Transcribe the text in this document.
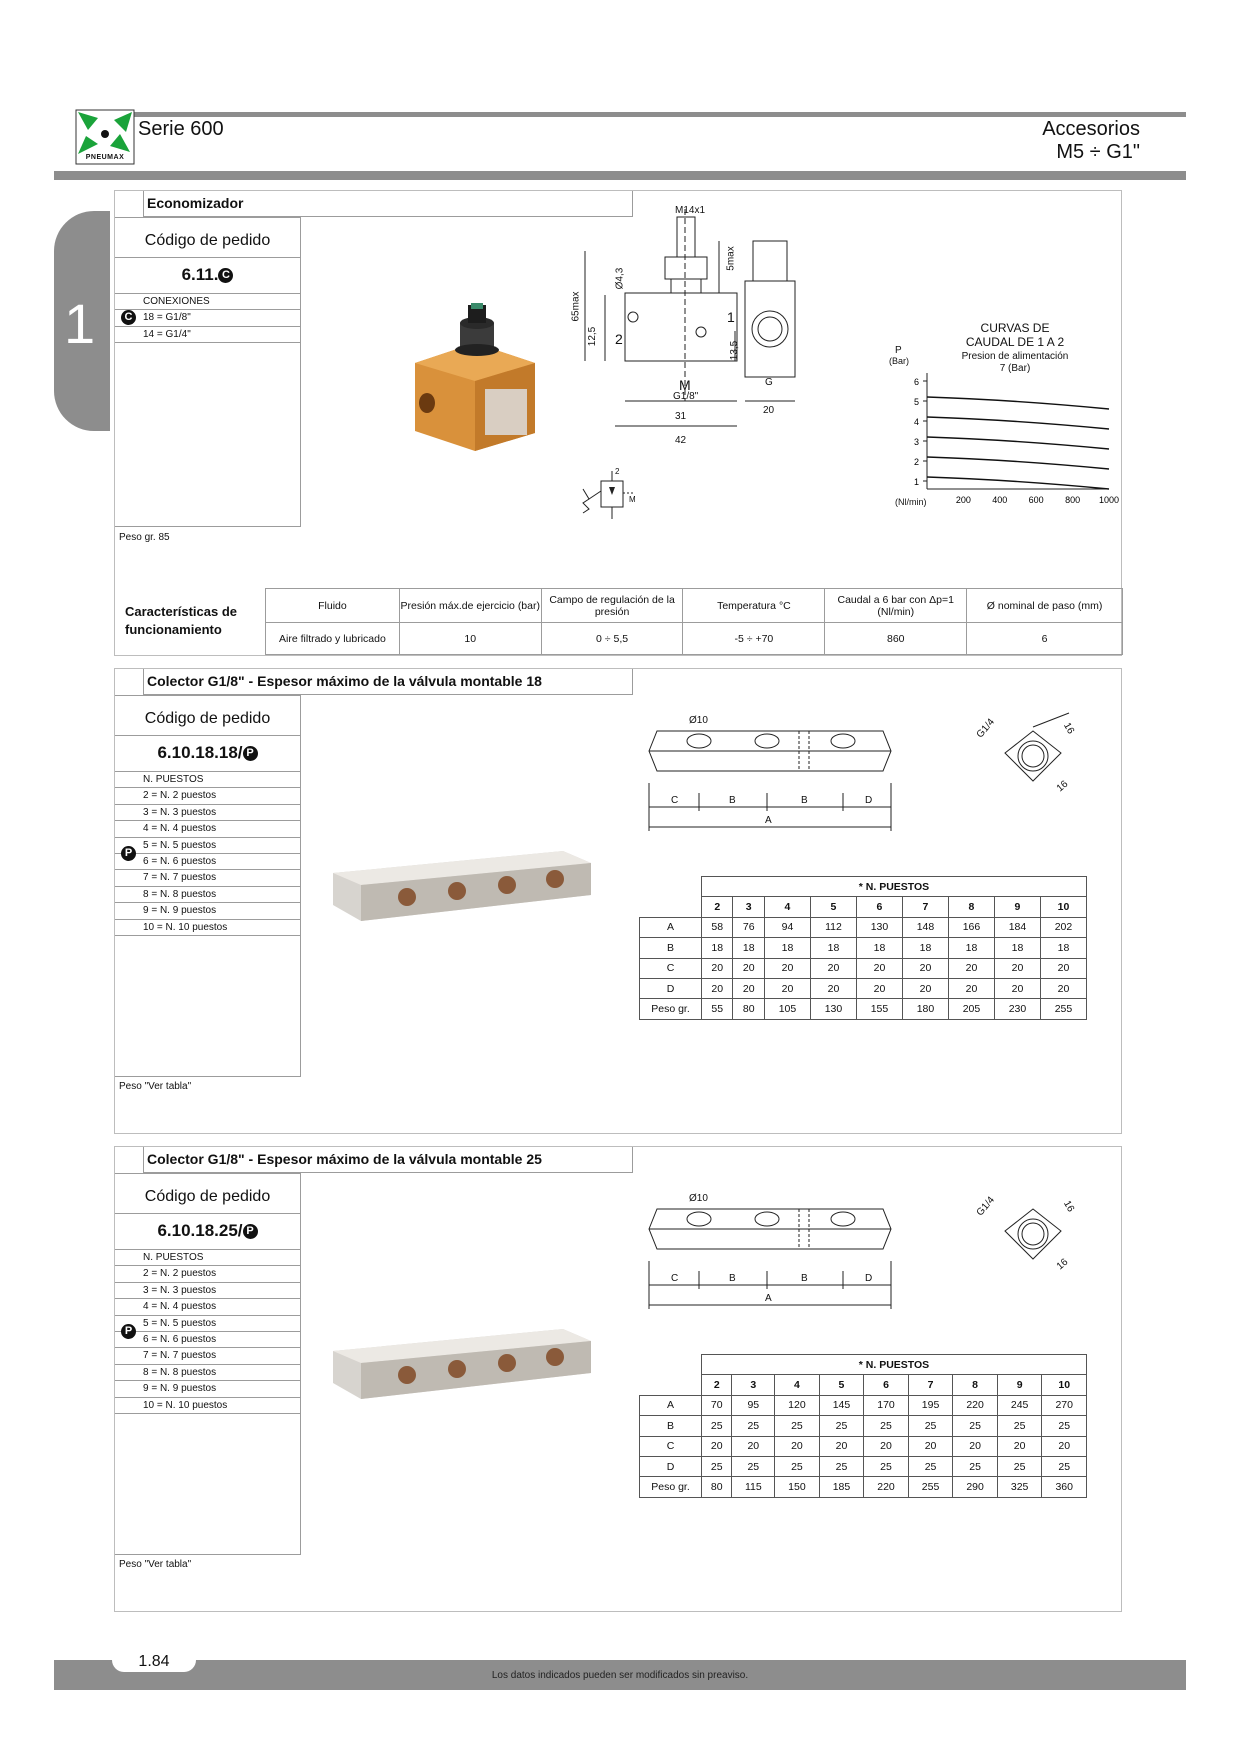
PNEUMAX
Serie 600	Accesorios
M5 ÷ G1"
1
Economizador
Código de pedido
6.11. C
CONEXIONES
C	18 = G1/8"
14 = G1/4"
Peso gr. 85
M14x1
Ø4,3
65max
5max
12,5
13,5
1
2
M
G1/8"
31
42
G
20
CURVAS DE
CAUDAL DE 1 A 2
Presion de alimentación
7 (Bar)
P
(Bar)
(Nl/min)
6
5
4
3
2
1
200 400 600 800 1000
2
M
Características de funcionamiento
Fluido	Presión máx.de ejercicio (bar)	Campo de regulación de la presión	Temperatura °C	Caudal a 6 bar con Δp=1 (Nl/min)	Ø nominal de paso (mm)
Aire filtrado y lubricado	10	0 ÷ 5,5	-5 ÷ +70	860	6
Colector G1/8" - Espesor máximo de la válvula montable 18
Código de pedido
6.10.18.18/ P
N. PUESTOS
2 = N. 2 puestos
3 = N. 3 puestos
4 = N. 4 puestos
5 = N. 5 puestos
P
6 = N. 6 puestos
7 = N. 7 puestos
8 = N. 8 puestos
9 = N. 9 puestos
10 = N. 10 puestos
Peso "Ver tabla"
Ø10
C	B	B	D
A
G1/4	16
16
	* N. PUESTOS								
	2	3	4	5	6	7	8	9	10
A	58	76	94	112	130	148	166	184	202
B	18	18	18	18	18	18	18	18	18
C	20	20	20	20	20	20	20	20	20
D	20	20	20	20	20	20	20	20	20
Peso gr.	55	80	105	130	155	180	205	230	255
Colector G1/8" - Espesor máximo de la válvula montable 25
Código de pedido
6.10.18.25/ P
N. PUESTOS
2 = N. 2 puestos
3 = N. 3 puestos
4 = N. 4 puestos
5 = N. 5 puestos
P
6 = N. 6 puestos
7 = N. 7 puestos
8 = N. 8 puestos
9 = N. 9 puestos
10 = N. 10 puestos
Peso "Ver tabla"
Ø10
C	B	B	D
A
G1/4	16
16
	* N. PUESTOS								
	2	3	4	5	6	7	8	9	10
A	70	95	120	145	170	195	220	245	270
B	25	25	25	25	25	25	25	25	25
C	20	20	20	20	20	20	20	20	20
D	25	25	25	25	25	25	25	25	25
Peso gr.	80	115	150	185	220	255	290	325	360
1.84
Los datos indicados pueden ser modificados sin preaviso.
